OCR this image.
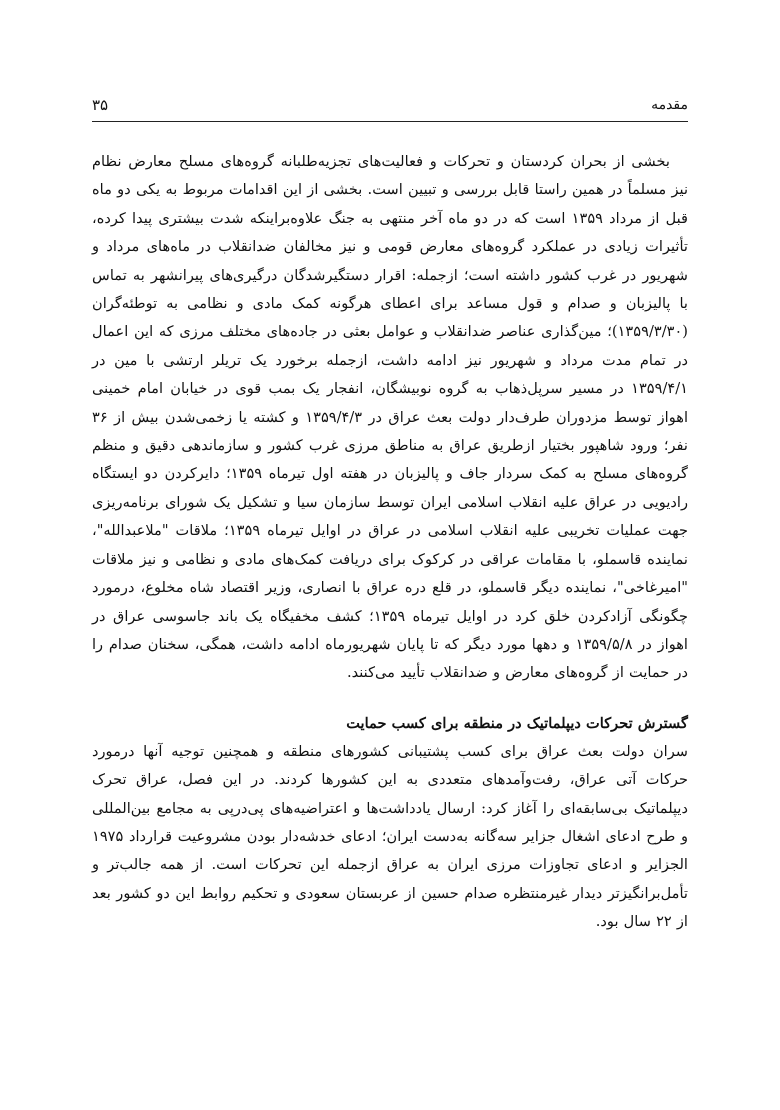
مقدمه
۳۵

بخشی از بحران کردستان و تحرکات و فعالیت‌های تجزیه‌طلبانه گروه‌های مسلح معارض نظام نیز مسلماً در همین راستا قابل بررسی و تبیین است. بخشی از این اقدامات مربوط به یکی دو ماه قبل از مرداد ۱۳۵۹ است که در دو ماه آخر منتهی به جنگ علاوه‌براینکه شدت بیشتری پیدا کرده، تأثیرات زیادی در عملکرد گروه‌های معارض قومی و نیز مخالفان ضدانقلاب در ماه‌های مرداد و شهریور در غرب کشور داشته است؛ ازجمله: اقرار دستگیرشدگان درگیری‌های پیرانشهر به تماس با پالیزبان و صدام و قول مساعد برای اعطای هرگونه کمک مادی و نظامی به توطئه‌گران (۱۳۵۹/۳/۳۰)؛ مین‌گذاری عناصر ضدانقلاب و عوامل بعثی در جاده‌های مختلف مرزی که این اعمال در تمام مدت مرداد و شهریور نیز ادامه داشت، ازجمله برخورد یک تریلر ارتشی با مین در ۱۳۵۹/۴/۱ در مسیر سرپل‌ذهاب به گروه نوبیشگان، انفجار یک بمب قوی در خیابان امام خمینی اهواز توسط مزدوران طرف‌دار دولت بعث عراق در ۱۳۵۹/۴/۳ و کشته یا زخمی‌شدن بیش از ۳۶ نفر؛ ورود شاهپور بختیار ازطریق عراق به مناطق مرزی غرب کشور و سازماندهی دقیق و منظم گروه‌های مسلح به کمک سردار جاف و پالیزبان در هفته اول تیرماه ۱۳۵۹؛ دایرکردن دو ایستگاه رادیویی در عراق علیه انقلاب اسلامی ایران توسط سازمان سیا و تشکیل یک شورای برنامه‌ریزی جهت عملیات تخریبی علیه انقلاب اسلامی در عراق در اوایل تیرماه ۱۳۵۹؛ ملاقات "ملاعبدالله"، نماینده قاسملو، با مقامات عراقی در کرکوک برای دریافت کمک‌های مادی و نظامی و نیز ملاقات "امیرغاخی"، نماینده دیگر قاسملو، در قلع دره عراق با انصاری، وزیر اقتصاد شاه مخلوع، درمورد چگونگی آزادکردن خلق کرد در اوایل تیرماه ۱۳۵۹؛ کشف مخفیگاه یک باند جاسوسی عراق در اهواز در ۱۳۵۹/۵/۸ و دهها مورد دیگر که تا پایان شهریورماه ادامه داشت، همگی، سخنان صدام را در حمایت از گروه‌های معارض و ضدانقلاب تأیید می‌کنند.

گسترش تحرکات دیپلماتیک در منطقه برای کسب حمایت

سران دولت بعث عراق برای کسب پشتیبانی کشورهای منطقه و همچنین توجیه آنها درمورد حرکات آتی عراق، رفت‌وآمدهای متعددی به این کشورها کردند. در این فصل، عراق تحرک دیپلماتیک بی‌سابقه‌ای را آغاز کرد: ارسال یادداشت‌ها و اعتراضیه‌های پی‌درپی به مجامع بین‌المللی و طرح ادعای اشغال جزایر سه‌گانه به‌دست ایران؛ ادعای خدشه‌دار بودن مشروعیت قرارداد ۱۹۷۵ الجزایر و ادعای تجاوزات مرزی ایران به عراق ازجمله این تحرکات است. از همه جالب‌تر و تأمل‌برانگیزتر دیدار غیرمنتظره صدام حسین از عربستان سعودی و تحکیم روابط این دو کشور بعد از ۲۲ سال بود.
